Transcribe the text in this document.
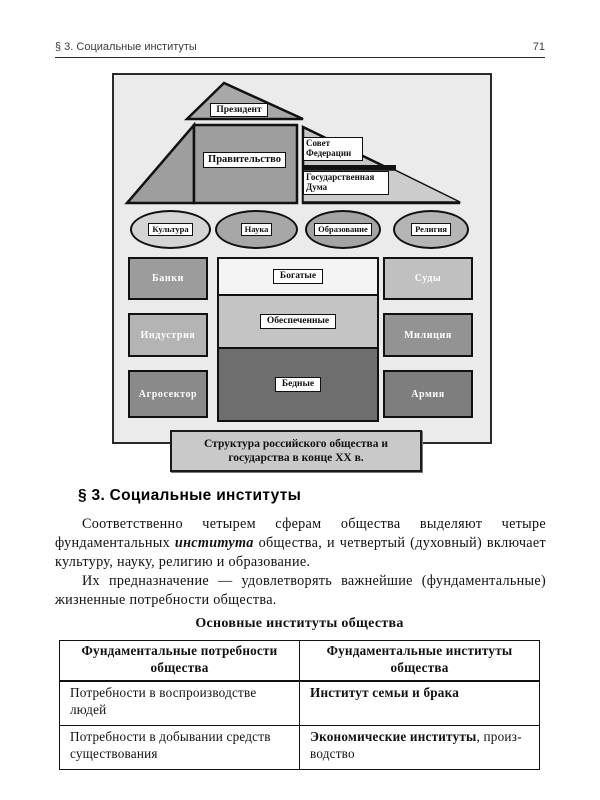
§ 3. Социальные институты	71
Президент
Правительство
Совет Федерации
Государственная Дума
Культура	Наука	Образование	Религия
Банки
Индустрия
Агросектор
Суды
Милиция
Армия
Богатые
Обеспеченные
Бедные
Структура российского общества и государства в конце XX в.
§ 3. Социальные институты

Соответственно четырем сферам общества выделяют четыре фундаментальных института общества, и четвертый (духовный) включает культуру, науку, религию и образование.

Их предназначение — удовлетворять важнейшие (фундаментальные) жизненные потребности общества.

Основные институты общества

Фундаментальные потребности общества	Фундаментальные институты общества
Потребности в воспроизводстве людей	Институт семьи и брака
Потребности в добывании средств существования	Экономические институты, производство
